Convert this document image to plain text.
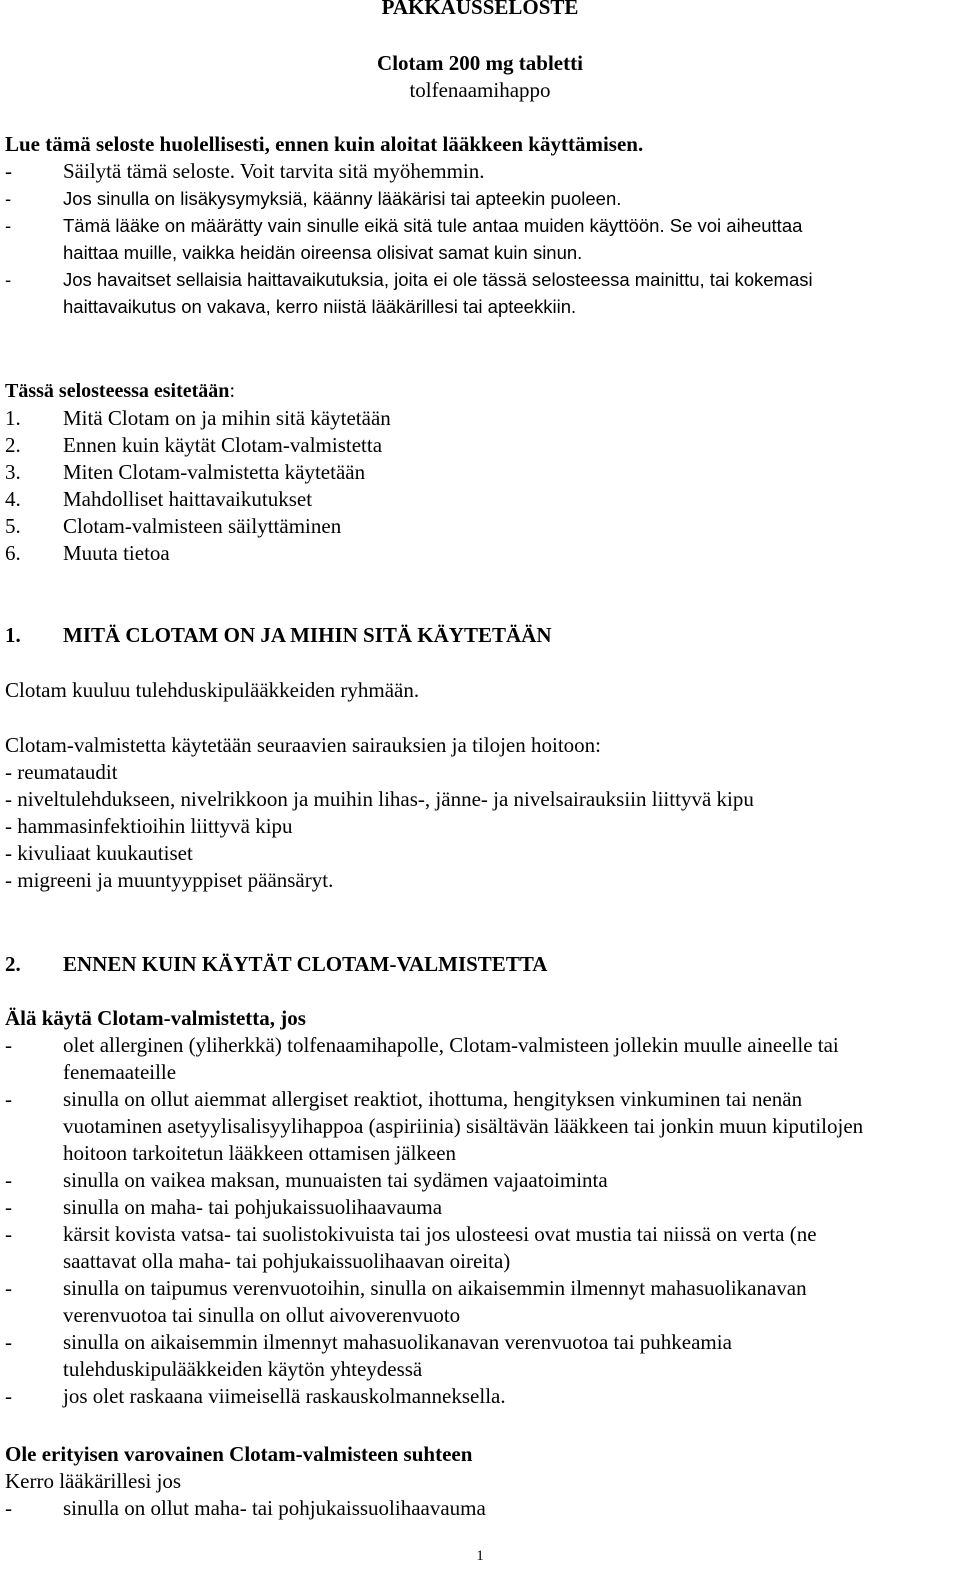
PAKKAUSSELOSTE
Clotam 200 mg tabletti
tolfenaamihappo
Lue tämä seloste huolellisesti, ennen kuin aloitat lääkkeen käyttämisen.
- Säilytä tämä seloste. Voit tarvita sitä myöhemmin.
-	Jos sinulla on lisäkysymyksiä, käänny lääkärisi tai apteekin puoleen.
-	Tämä lääke on määrätty vain sinulle eikä sitä tule antaa muiden käyttöön. Se voi aiheuttaa
haittaa muille, vaikka heidän oireensa olisivat samat kuin sinun.
-	Jos havaitset sellaisia haittavaikutuksia, joita ei ole tässä selosteessa mainittu, tai kokemasi
haittavaikutus on vakava, kerro niistä lääkärillesi tai apteekkiin.
Tässä selosteessa esitetään:
1. Mitä Clotam on ja mihin sitä käytetään
2. Ennen kuin käytät Clotam-valmistetta
3. Miten Clotam-valmistetta käytetään
4. Mahdolliset haittavaikutukset
5. Clotam-valmisteen säilyttäminen
6. Muuta tietoa
1. MITÄ CLOTAM ON JA MIHIN SITÄ KÄYTETÄÄN
Clotam kuuluu tulehduskipulääkkeiden ryhmään.
Clotam-valmistetta käytetään seuraavien sairauksien ja tilojen hoitoon:
- reumataudit
- niveltulehdukseen, nivelrikkoon ja muihin lihas-, jänne- ja nivelsairauksiin liittyvä kipu
- hammasinfektioihin liittyvä kipu
- kivuliaat kuukautiset
- migreeni ja muuntyyppiset päänsäryt.
2. ENNEN KUIN KÄYTÄT CLOTAM-VALMISTETTA
Älä käytä Clotam-valmistetta, jos
- olet allerginen (yliherkkä) tolfenaamihapolle, Clotam-valmisteen jollekin muulle aineelle tai
fenemaateille
- sinulla on ollut aiemmat allergiset reaktiot, ihottuma, hengityksen vinkuminen tai nenän
vuotaminen asetyylisalisyylihappoa (aspiriinia) sisältävän lääkkeen tai jonkin muun kiputilojen
hoitoon tarkoitetun lääkkeen ottamisen jälkeen
- sinulla on vaikea maksan, munuaisten tai sydämen vajaatoiminta
- sinulla on maha- tai pohjukaissuolihaavauma
- kärsit kovista vatsa- tai suolistokivuista tai jos ulosteesi ovat mustia tai niissä on verta (ne
saattavat olla maha- tai pohjukaissuolihaavan oireita)
- sinulla on taipumus verenvuotoihin, sinulla on aikaisemmin ilmennyt mahasuolikanavan
verenvuotoa tai sinulla on ollut aivoverenvuoto
- sinulla on aikaisemmin ilmennyt mahasuolikanavan verenvuotoa tai puhkeamia
tulehduskipulääkkeiden käytön yhteydessä
- jos olet raskaana viimeisellä raskauskolmanneksella.
Ole erityisen varovainen Clotam-valmisteen suhteen
Kerro lääkärillesi jos
- sinulla on ollut maha- tai pohjukaissuolihaavauma
1
